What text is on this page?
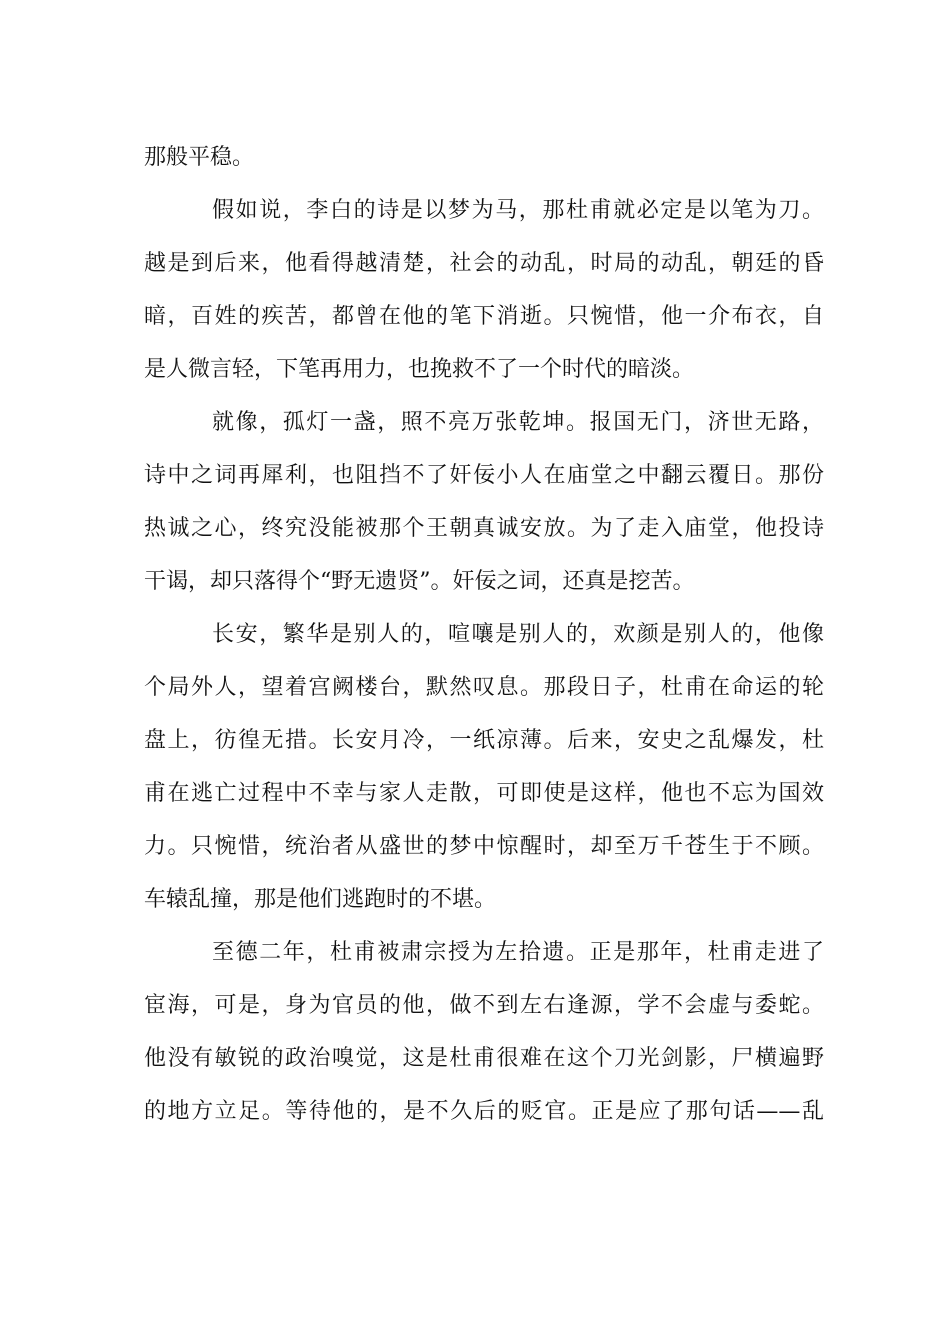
那般平稳。
假如说，李白的诗是以梦为马，那杜甫就必定是以笔为刀。
越是到后来，他看得越清楚，社会的动乱，时局的动乱，朝廷的昏
暗，百姓的疾苦，都曾在他的笔下消逝。只惋惜，他一介布衣，自
是人微言轻，下笔再用力，也挽救不了一个时代的暗淡。
就像，孤灯一盏，照不亮万张乾坤。报国无门，济世无路，
诗中之词再犀利，也阻挡不了奸佞小人在庙堂之中翻云覆日。那份
热诚之心，终究没能被那个王朝真诚安放。为了走入庙堂，他投诗
干谒，却只落得个“野无遗贤”。奸佞之词，还真是挖苦。
长安，繁华是别人的，喧嚷是别人的，欢颜是别人的，他像
个局外人，望着宫阙楼台，默然叹息。那段日子，杜甫在命运的轮
盘上，彷徨无措。长安月冷，一纸凉薄。后来，安史之乱爆发，杜
甫在逃亡过程中不幸与家人走散，可即使是这样，他也不忘为国效
力。只惋惜，统治者从盛世的梦中惊醒时，却至万千苍生于不顾。
车辕乱撞，那是他们逃跑时的不堪。
至德二年，杜甫被肃宗授为左拾遗。正是那年，杜甫走进了
宦海，可是，身为官员的他，做不到左右逢源，学不会虚与委蛇。
他没有敏锐的政治嗅觉，这是杜甫很难在这个刀光剑影，尸横遍野
的地方立足。等待他的，是不久后的贬官。正是应了那句话——乱
